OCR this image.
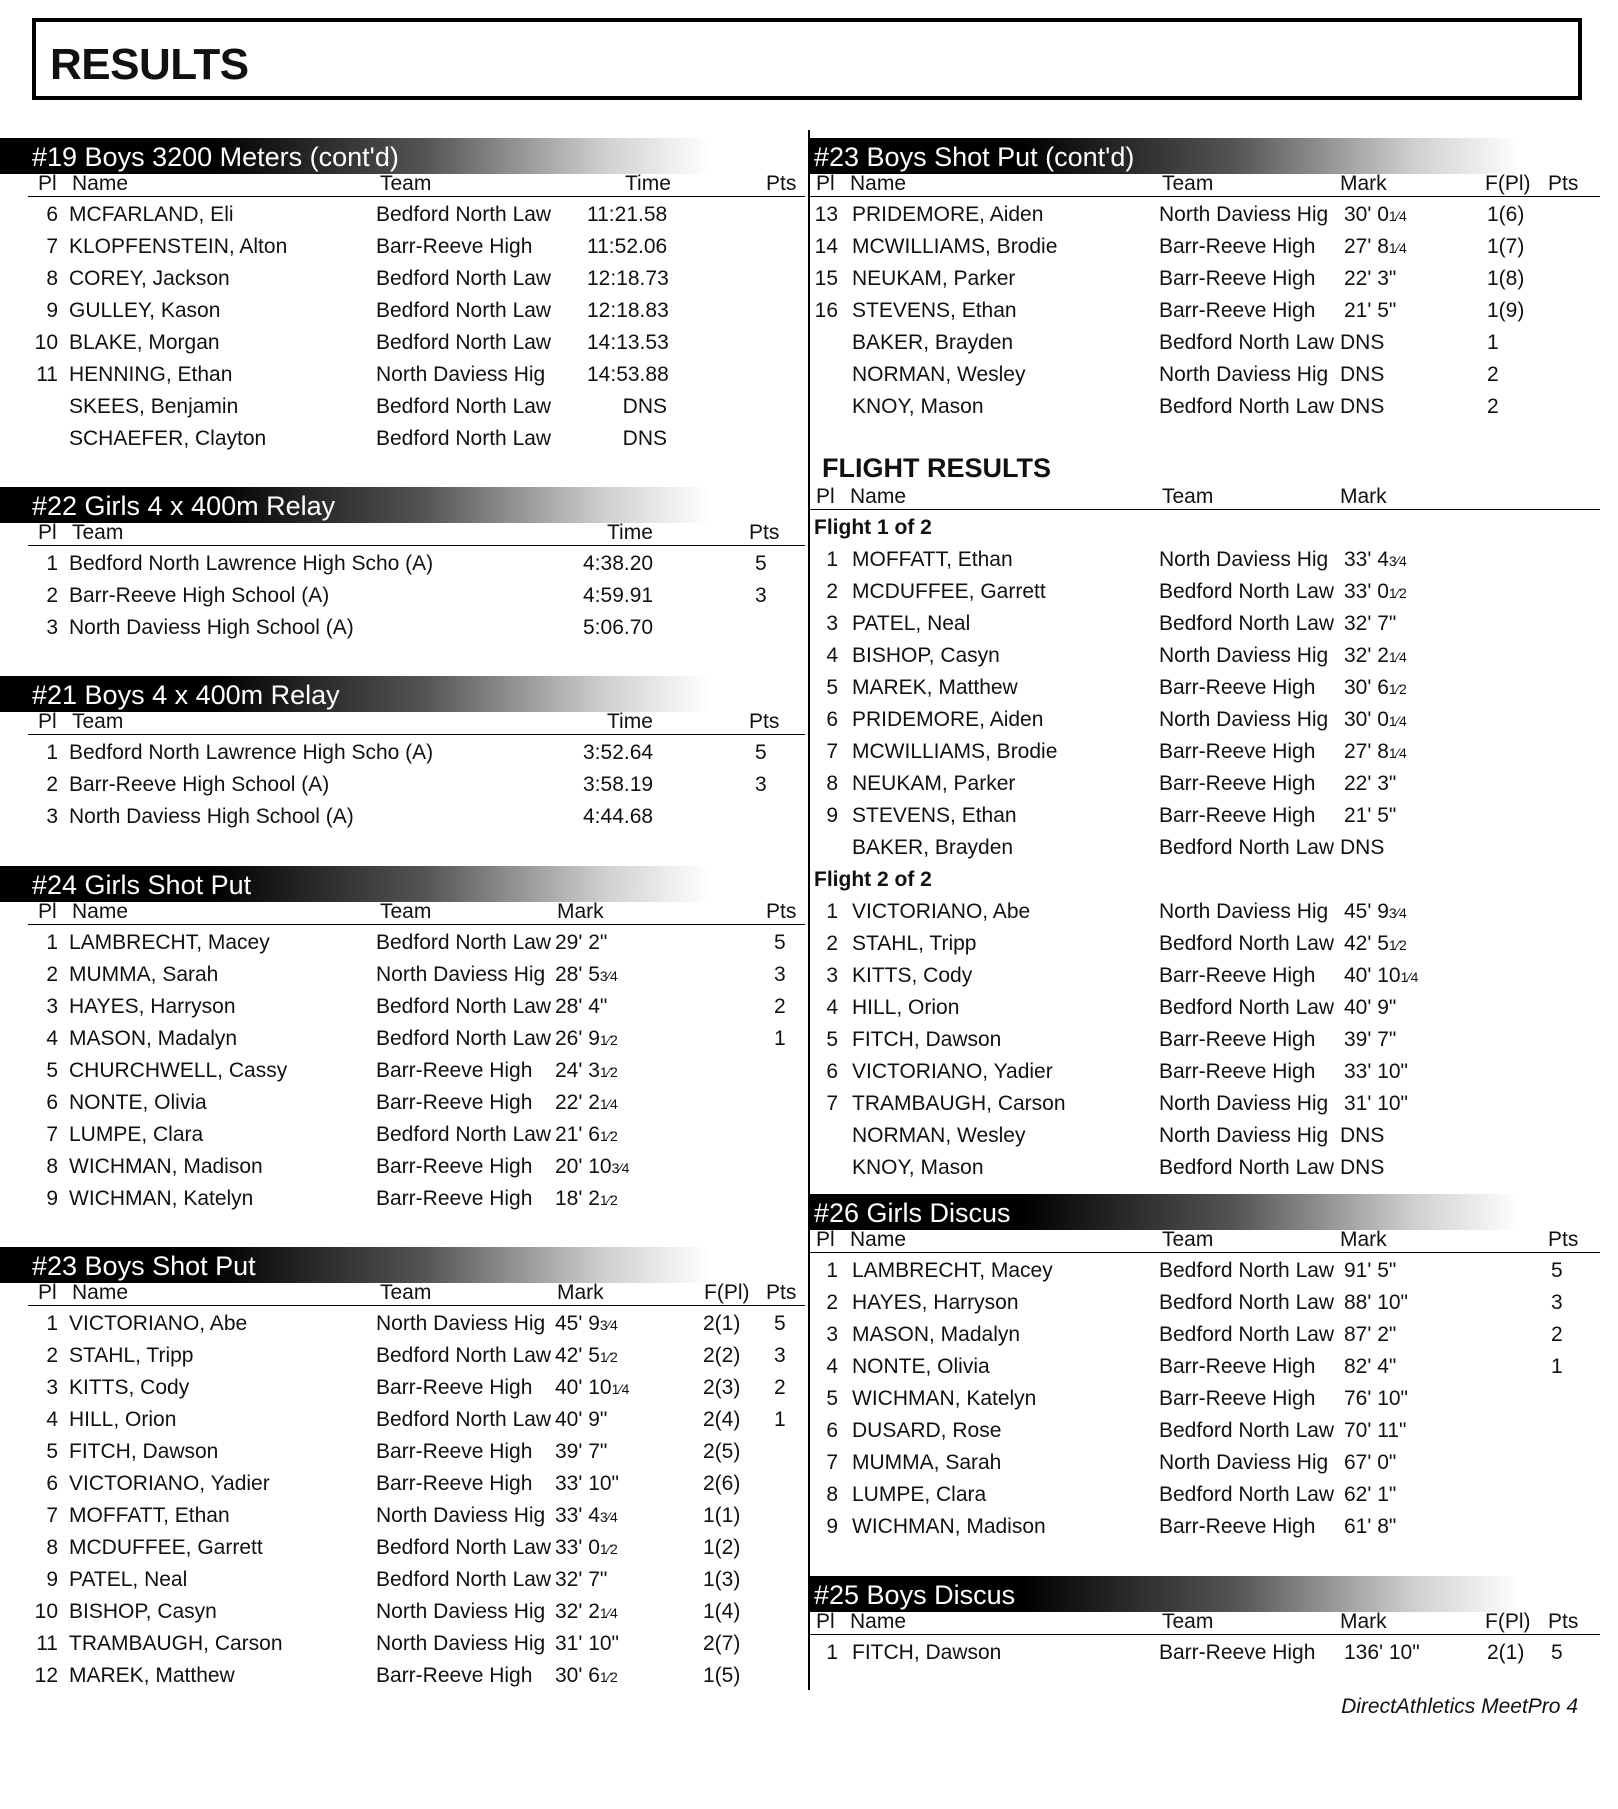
RESULTS
#19 Boys 3200 Meters (cont'd)
Pl Name	Team	Time	Pts
6 MCFARLAND, Eli	Bedford North Law 11:21.58
7 KLOPFENSTEIN, Alton	Barr-Reeve High	11:52.06
8 COREY, Jackson	Bedford North Law 12:18.73
9 GULLEY, Kason	Bedford North Law 12:18.83
10 BLAKE, Morgan	Bedford North Law 14:13.53
11 HENNING, Ethan	North Daviess Hig 14:53.88
SKEES, Benjamin	Bedford North Law	DNS
SCHAEFER, Clayton	Bedford North Law	DNS
#22 Girls 4 x 400m Relay
Pl Team	Time	Pts
1 Bedford North Lawrence High Scho (A)	4:38.20	5
2 Barr-Reeve High School (A)	4:59.91	3
3 North Daviess High School (A)	5:06.70
#21 Boys 4 x 400m Relay
Pl Team	Time	Pts
1 Bedford North Lawrence High Scho (A)	3:52.64	5
2 Barr-Reeve High School (A)	3:58.19	3
3 North Daviess High School (A)	4:44.68
#24 Girls Shot Put
Pl Name	Team	Mark	Pts
1 LAMBRECHT, Macey	Bedford North Law 29' 2"	5
2 MUMMA, Sarah	North Daviess Hig 28' 53⁄4	3
3 HAYES, Harryson	Bedford North Law 28' 4"	2
4 MASON, Madalyn	Bedford North Law 26' 91⁄2	1
5 CHURCHWELL, Cassy	Barr-Reeve High 24' 31⁄2
6 NONTE, Olivia	Barr-Reeve High 22' 21⁄4
7 LUMPE, Clara	Bedford North Law 21' 61⁄2
8 WICHMAN, Madison	Barr-Reeve High 20' 103⁄4
9 WICHMAN, Katelyn	Barr-Reeve High 18' 21⁄2
#23 Boys Shot Put
Pl Name	Team	Mark	F(Pl) Pts
1 VICTORIANO, Abe	North Daviess Hig 45' 93⁄4	2(1) 5
2 STAHL, Tripp	Bedford North Law 42' 51⁄2	2(2) 3
3 KITTS, Cody	Barr-Reeve High 40' 101⁄4	2(3) 2
4 HILL, Orion	Bedford North Law 40' 9"	2(4) 1
5 FITCH, Dawson	Barr-Reeve High 39' 7"	2(5)
6 VICTORIANO, Yadier	Barr-Reeve High 33' 10"	2(6)
7 MOFFATT, Ethan	North Daviess Hig 33' 43⁄4	1(1)
8 MCDUFFEE, Garrett	Bedford North Law 33' 01⁄2	1(2)
9 PATEL, Neal	Bedford North Law 32' 7"	1(3)
10 BISHOP, Casyn	North Daviess Hig 32' 21⁄4	1(4)
11 TRAMBAUGH, Carson	North Daviess Hig 31' 10"	2(7)
12 MAREK, Matthew	Barr-Reeve High 30' 61⁄2	1(5)
#23 Boys Shot Put (cont'd)
Pl Name	Team	Mark	F(Pl) Pts
13 PRIDEMORE, Aiden	North Daviess Hig 30' 01⁄4	1(6)
14 MCWILLIAMS, Brodie	Barr-Reeve High 27' 81⁄4	1(7)
15 NEUKAM, Parker	Barr-Reeve High 22' 3"	1(8)
16 STEVENS, Ethan	Barr-Reeve High 21' 5"	1(9)
BAKER, Brayden	Bedford North Law DNS	1
NORMAN, Wesley	North Daviess Hig DNS	2
KNOY, Mason	Bedford North Law DNS	2
FLIGHT RESULTS
Pl Name	Team	Mark
Flight 1 of 2
1 MOFFATT, Ethan	North Daviess Hig 33' 43⁄4
2 MCDUFFEE, Garrett	Bedford North Law 33' 01⁄2
3 PATEL, Neal	Bedford North Law 32' 7"
4 BISHOP, Casyn	North Daviess Hig 32' 21⁄4
5 MAREK, Matthew	Barr-Reeve High 30' 61⁄2
6 PRIDEMORE, Aiden	North Daviess Hig 30' 01⁄4
7 MCWILLIAMS, Brodie	Barr-Reeve High 27' 81⁄4
8 NEUKAM, Parker	Barr-Reeve High 22' 3"
9 STEVENS, Ethan	Barr-Reeve High 21' 5"
BAKER, Brayden	Bedford North Law DNS
Flight 2 of 2
1 VICTORIANO, Abe	North Daviess Hig 45' 93⁄4
2 STAHL, Tripp	Bedford North Law 42' 51⁄2
3 KITTS, Cody	Barr-Reeve High 40' 101⁄4
4 HILL, Orion	Bedford North Law 40' 9"
5 FITCH, Dawson	Barr-Reeve High 39' 7"
6 VICTORIANO, Yadier	Barr-Reeve High 33' 10"
7 TRAMBAUGH, Carson	North Daviess Hig 31' 10"
NORMAN, Wesley	North Daviess Hig DNS
KNOY, Mason	Bedford North Law DNS
#26 Girls Discus
Pl Name	Team	Mark	Pts
1 LAMBRECHT, Macey	Bedford North Law 91' 5"	5
2 HAYES, Harryson	Bedford North Law 88' 10"	3
3 MASON, Madalyn	Bedford North Law 87' 2"	2
4 NONTE, Olivia	Barr-Reeve High 82' 4"	1
5 WICHMAN, Katelyn	Barr-Reeve High 76' 10"
6 DUSARD, Rose	Bedford North Law 70' 11"
7 MUMMA, Sarah	North Daviess Hig 67' 0"
8 LUMPE, Clara	Bedford North Law 62' 1"
9 WICHMAN, Madison	Barr-Reeve High 61' 8"
#25 Boys Discus
Pl Name	Team	Mark	F(Pl) Pts
1 FITCH, Dawson	Barr-Reeve High 136' 10"	2(1) 5
DirectAthletics MeetPro 4
